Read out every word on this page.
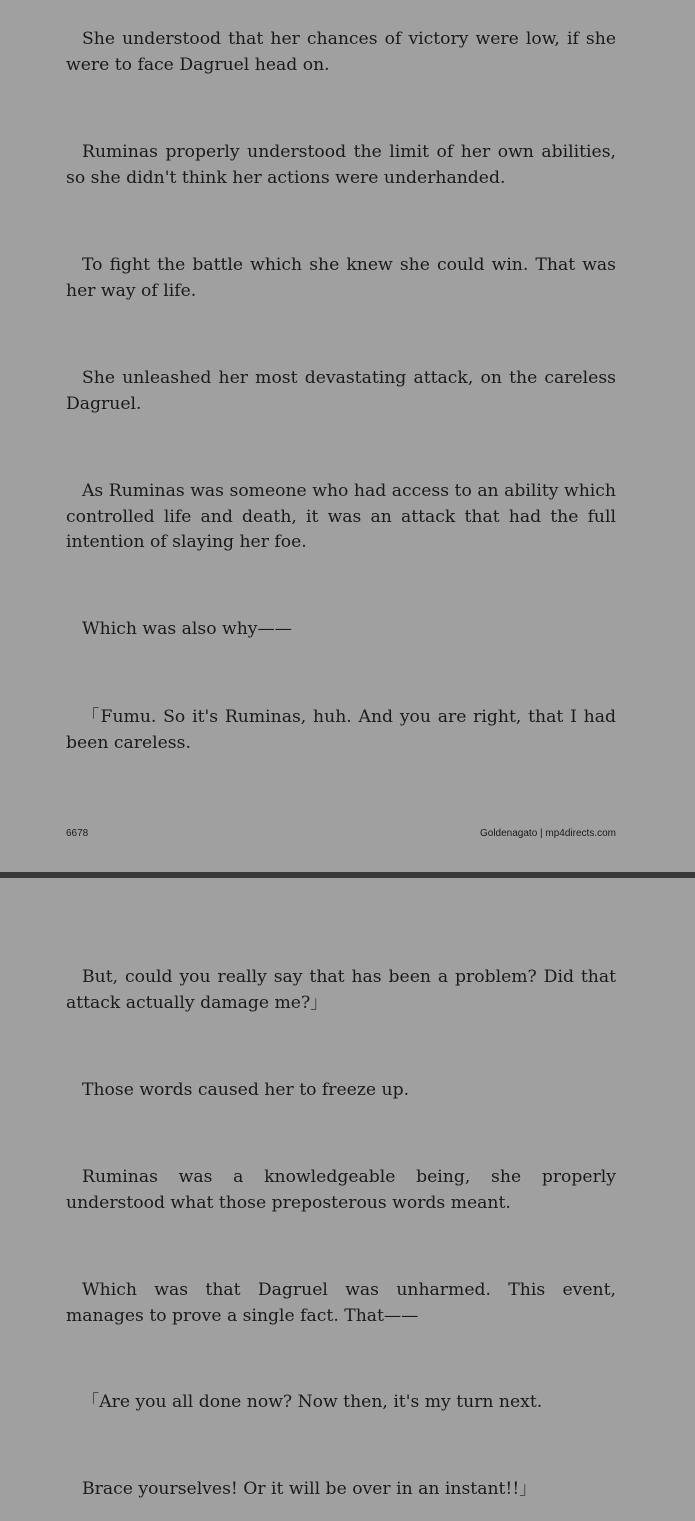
She understood that her chances of victory were low, if she were to face Dagruel head on.

Ruminas properly understood the limit of her own abilities, so she didn't think her actions were underhanded.

To fight the battle which she knew she could win. That was her way of life.

She unleashed her most devastating attack, on the careless Dagruel.

As Ruminas was someone who had access to an ability which controlled life and death, it was an attack that had the full intention of slaying her foe.

Which was also why——

「Fumu. So it's Ruminas, huh. And you are right, that I had been careless.

6678	Goldenagato | mp4directs.com

But, could you really say that has been a problem? Did that attack actually damage me?」

Those words caused her to freeze up.

Ruminas was a knowledgeable being, she properly understood what those preposterous words meant.

Which was that Dagruel was unharmed. This event, manages to prove a single fact. That——

「Are you all done now? Now then, it's my turn next.

Brace yourselves! Or it will be over in an instant!!」
